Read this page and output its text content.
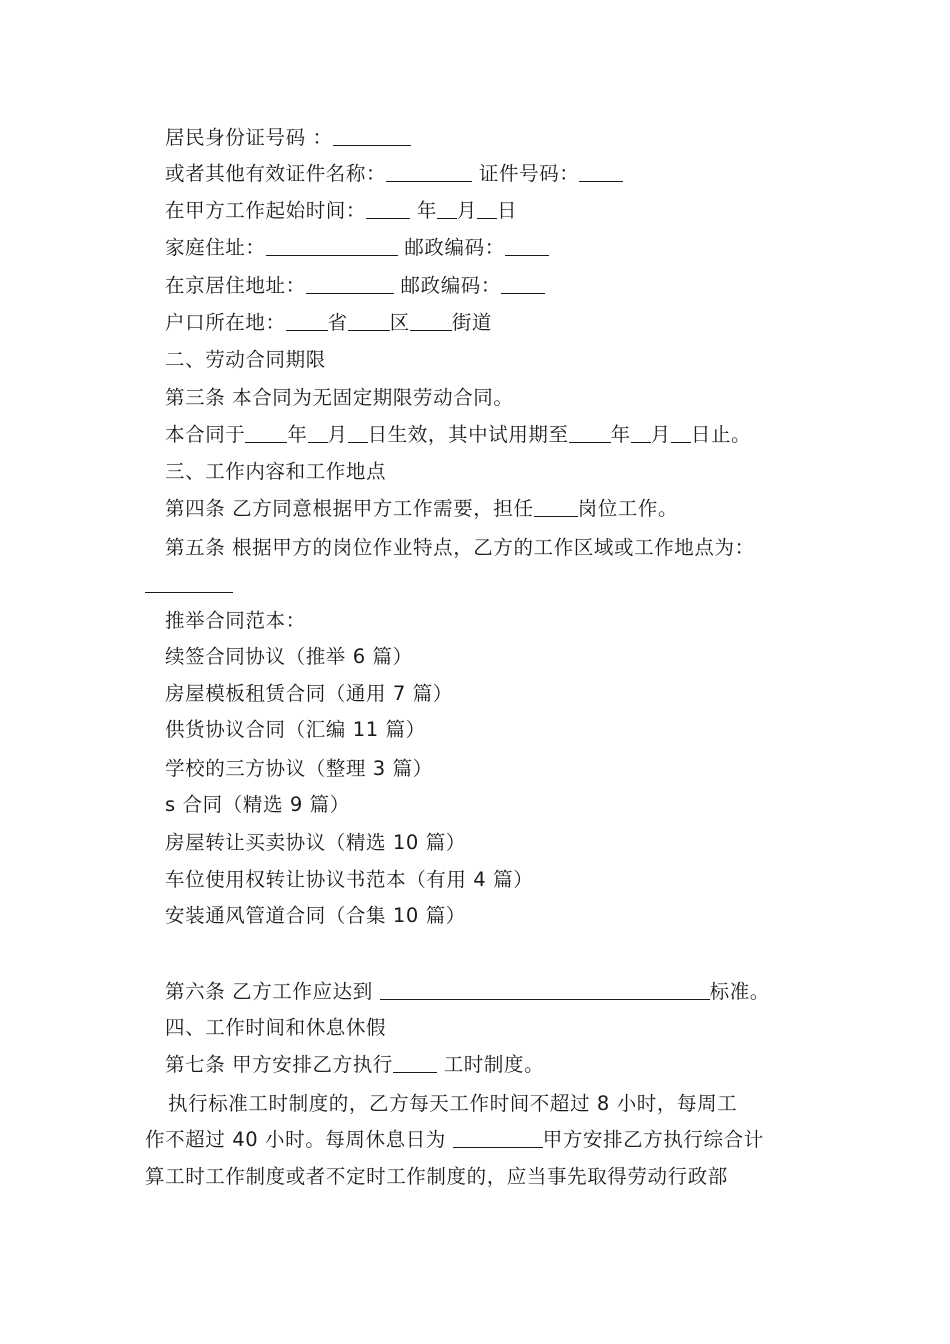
居民身份证号码 ：
或者其他有效证件名称：	证件号码：
在甲方工作起始时间： 年 月 日
家庭住址：	邮政编码：
在京居住地址：	邮政编码：
户口所在地： 省 区 街道
二、劳动合同期限
第三条 本合同为无固定期限劳动合同。
本合同于 年 月 日生效，其中试用期至 年 月 日止。
三、工作内容和工作地点
第四条 乙方同意根据甲方工作需要，担任 岗位工作。
第五条 根据甲方的岗位作业特点，乙方的工作区域或工作地点为：
推举合同范本：
续签合同协议（推举 6 篇）
房屋模板租赁合同（通用 7 篇）
供货协议合同（汇编 11 篇）
学校的三方协议（整理 3 篇）
s 合同（精选 9 篇）
房屋转让买卖协议（精选 10 篇）
车位使用权转让协议书范本（有用 4 篇）
安装通风管道合同（合集 10 篇）
第六条 乙方工作应达到	标准。
四、工作时间和休息休假
第七条 甲方安排乙方执行 工时制度。
执行标准工时制度的，乙方每天工作时间不超过 8 小时，每周工
作不超过 40 小时。每周休息日为	甲方安排乙方执行综合计
算工时工作制度或者不定时工作制度的，应当事先取得劳动行政部
